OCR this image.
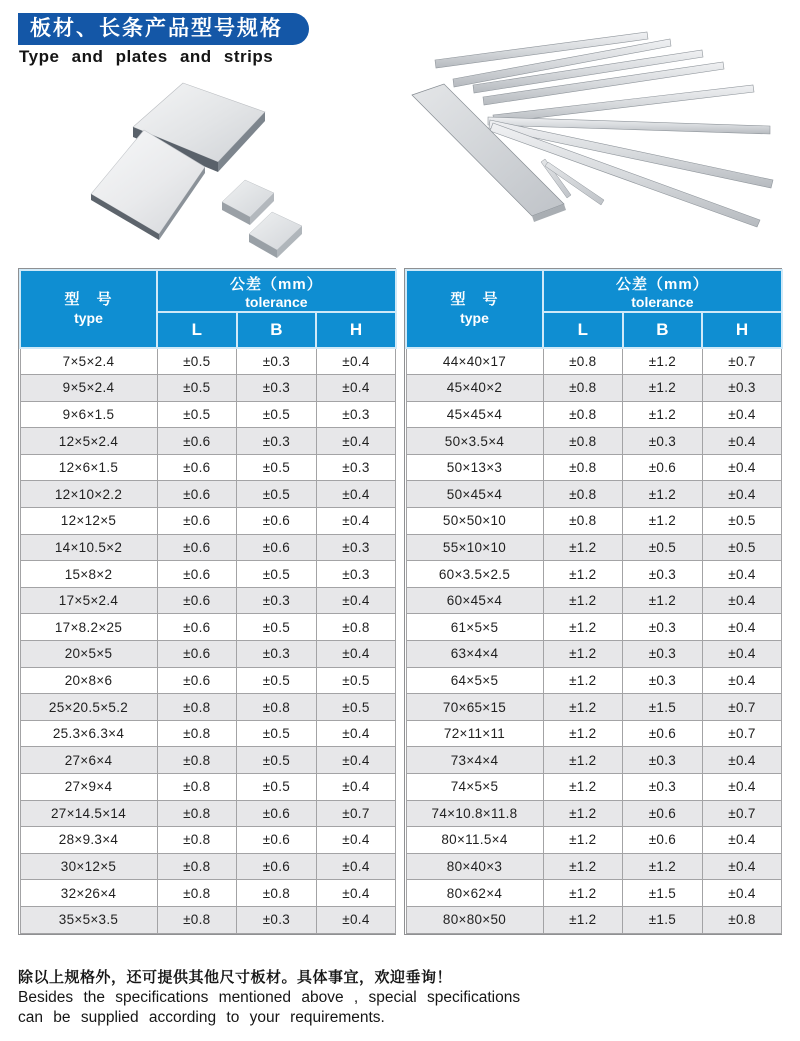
板材、长条产品型号规格
Type and plates and strips
型　号
type	公差（mm）
tolerance		

	L	B	H
7×5×2.4	±0.5	±0.3	±0.4
9×5×2.4	±0.5	±0.3	±0.4
9×6×1.5	±0.5	±0.5	±0.3
12×5×2.4	±0.6	±0.3	±0.4
12×6×1.5	±0.6	±0.5	±0.3
12×10×2.2	±0.6	±0.5	±0.4
12×12×5	±0.6	±0.6	±0.4
14×10.5×2	±0.6	±0.6	±0.3
15×8×2	±0.6	±0.5	±0.3
17×5×2.4	±0.6	±0.3	±0.4
17×8.2×25	±0.6	±0.5	±0.8
20×5×5	±0.6	±0.3	±0.4
20×8×6	±0.6	±0.5	±0.5
25×20.5×5.2	±0.8	±0.8	±0.5
25.3×6.3×4	±0.8	±0.5	±0.4
27×6×4	±0.8	±0.5	±0.4
27×9×4	±0.8	±0.5	±0.4
27×14.5×14	±0.8	±0.6	±0.7
28×9.3×4	±0.8	±0.6	±0.4
30×12×5	±0.8	±0.6	±0.4
32×26×4	±0.8	±0.8	±0.4
35×5×3.5	±0.8	±0.3	±0.4
型　号
type	公差（mm）
tolerance		

	L	B	H
44×40×17	±0.8	±1.2	±0.7
45×40×2	±0.8	±1.2	±0.3
45×45×4	±0.8	±1.2	±0.4
50×3.5×4	±0.8	±0.3	±0.4
50×13×3	±0.8	±0.6	±0.4
50×45×4	±0.8	±1.2	±0.4
50×50×10	±0.8	±1.2	±0.5
55×10×10	±1.2	±0.5	±0.5
60×3.5×2.5	±1.2	±0.3	±0.4
60×45×4	±1.2	±1.2	±0.4
61×5×5	±1.2	±0.3	±0.4
63×4×4	±1.2	±0.3	±0.4
64×5×5	±1.2	±0.3	±0.4
70×65×15	±1.2	±1.5	±0.7
72×11×11	±1.2	±0.6	±0.7
73×4×4	±1.2	±0.3	±0.4
74×5×5	±1.2	±0.3	±0.4
74×10.8×11.8	±1.2	±0.6	±0.7
80×11.5×4	±1.2	±0.6	±0.4
80×40×3	±1.2	±1.2	±0.4
80×62×4	±1.2	±1.5	±0.4
80×80×50	±1.2	±1.5	±0.8
除以上规格外，还可提供其他尺寸板材。具体事宜，欢迎垂询！
Besides the specifications mentioned above , special specifications
can be supplied according to your requirements.
